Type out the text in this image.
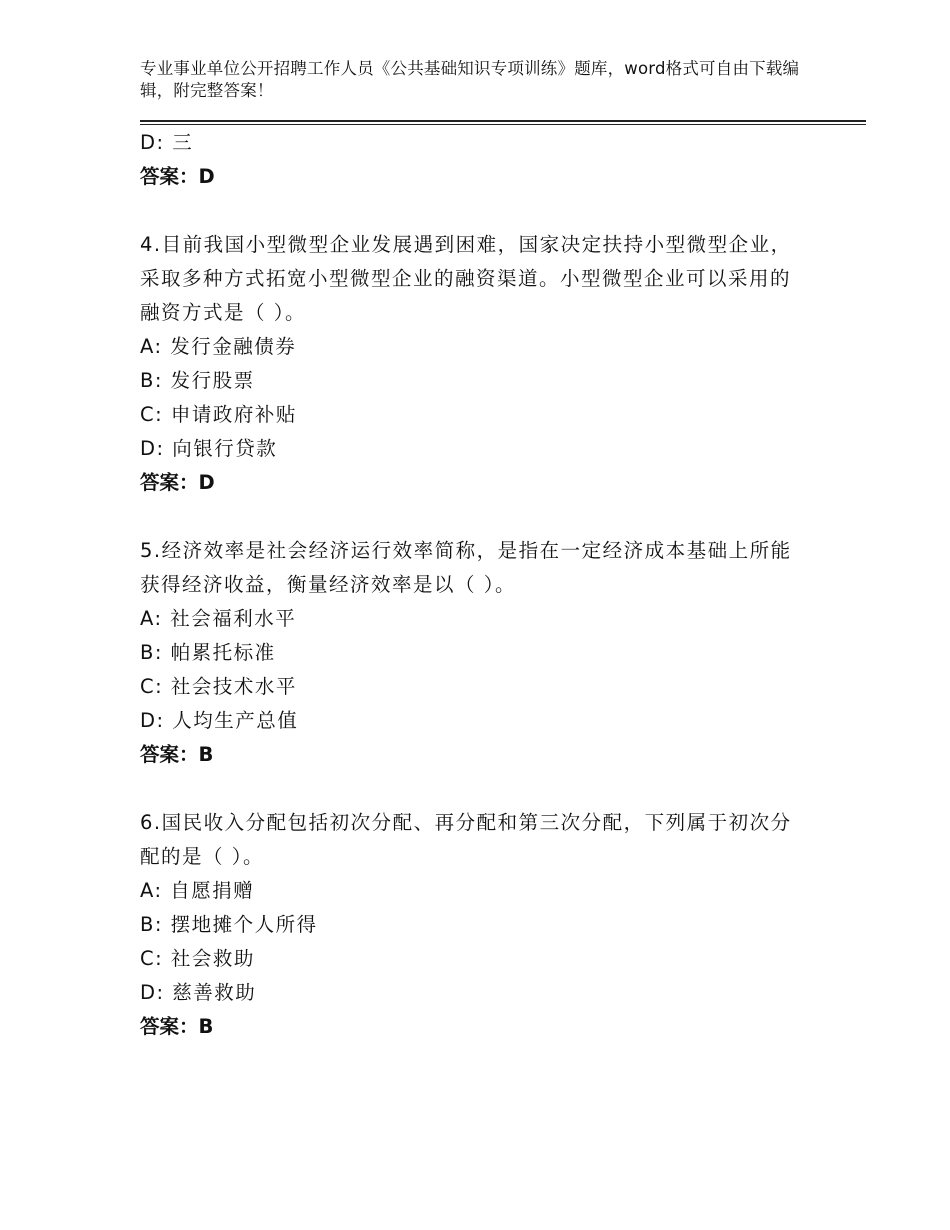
专业事业单位公开招聘工作人员《公共基础知识专项训练》题库，word格式可自由下载编辑，附完整答案！
D: 三
答案：D
4.目前我国小型微型企业发展遇到困难，国家决定扶持小型微型企业，采取多种方式拓宽小型微型企业的融资渠道。小型微型企业可以采用的融资方式是（ ）。
A: 发行金融债券
B: 发行股票
C: 申请政府补贴
D: 向银行贷款
答案：D
5.经济效率是社会经济运行效率简称，是指在一定经济成本基础上所能获得经济收益，衡量经济效率是以（ ）。
A: 社会福利水平
B: 帕累托标准
C: 社会技术水平
D: 人均生产总值
答案：B
6.国民收入分配包括初次分配、再分配和第三次分配，下列属于初次分配的是（ ）。
A: 自愿捐赠
B: 摆地摊个人所得
C: 社会救助
D: 慈善救助
答案：B
